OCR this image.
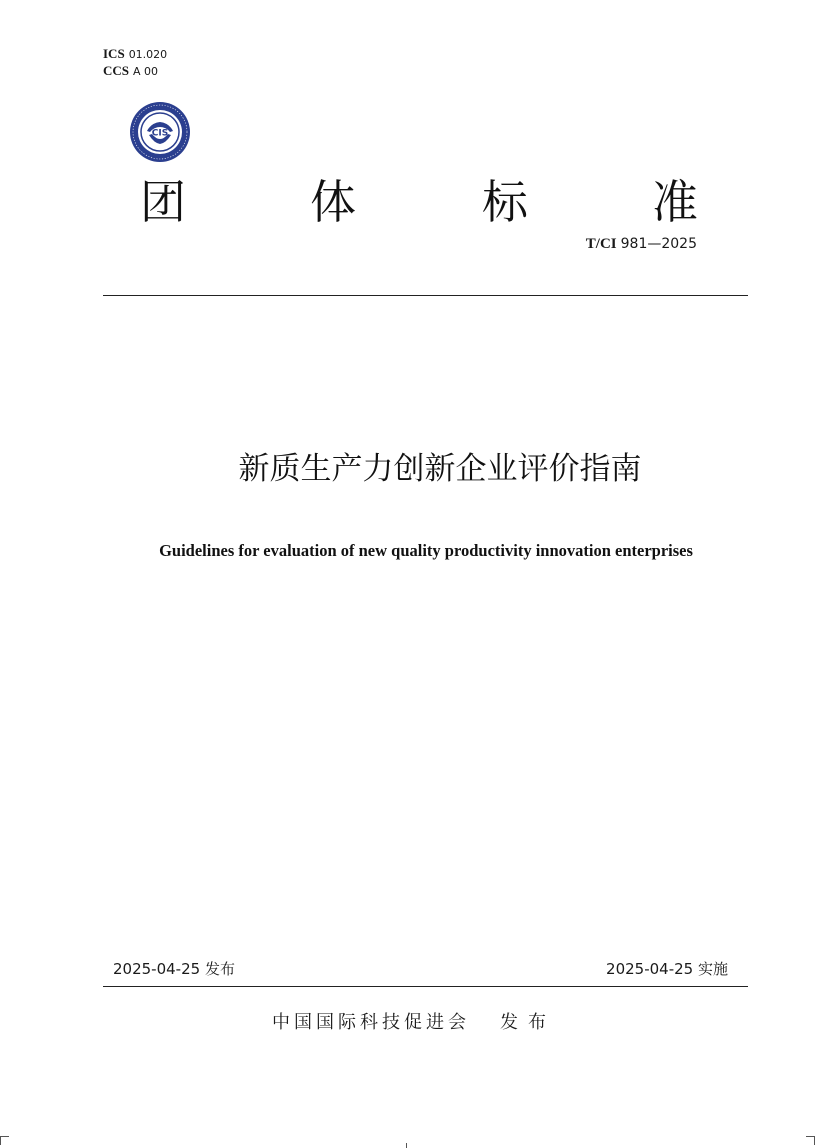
ICS 01.020
CCS A 00
CIS
团	体	标	准
T/CI 981—2025
新质生产力创新企业评价指南
Guidelines for evaluation of new quality productivity innovation enterprises
2025-04-25 发布	2025-04-25 实施
中国国际科技促进会 发布
